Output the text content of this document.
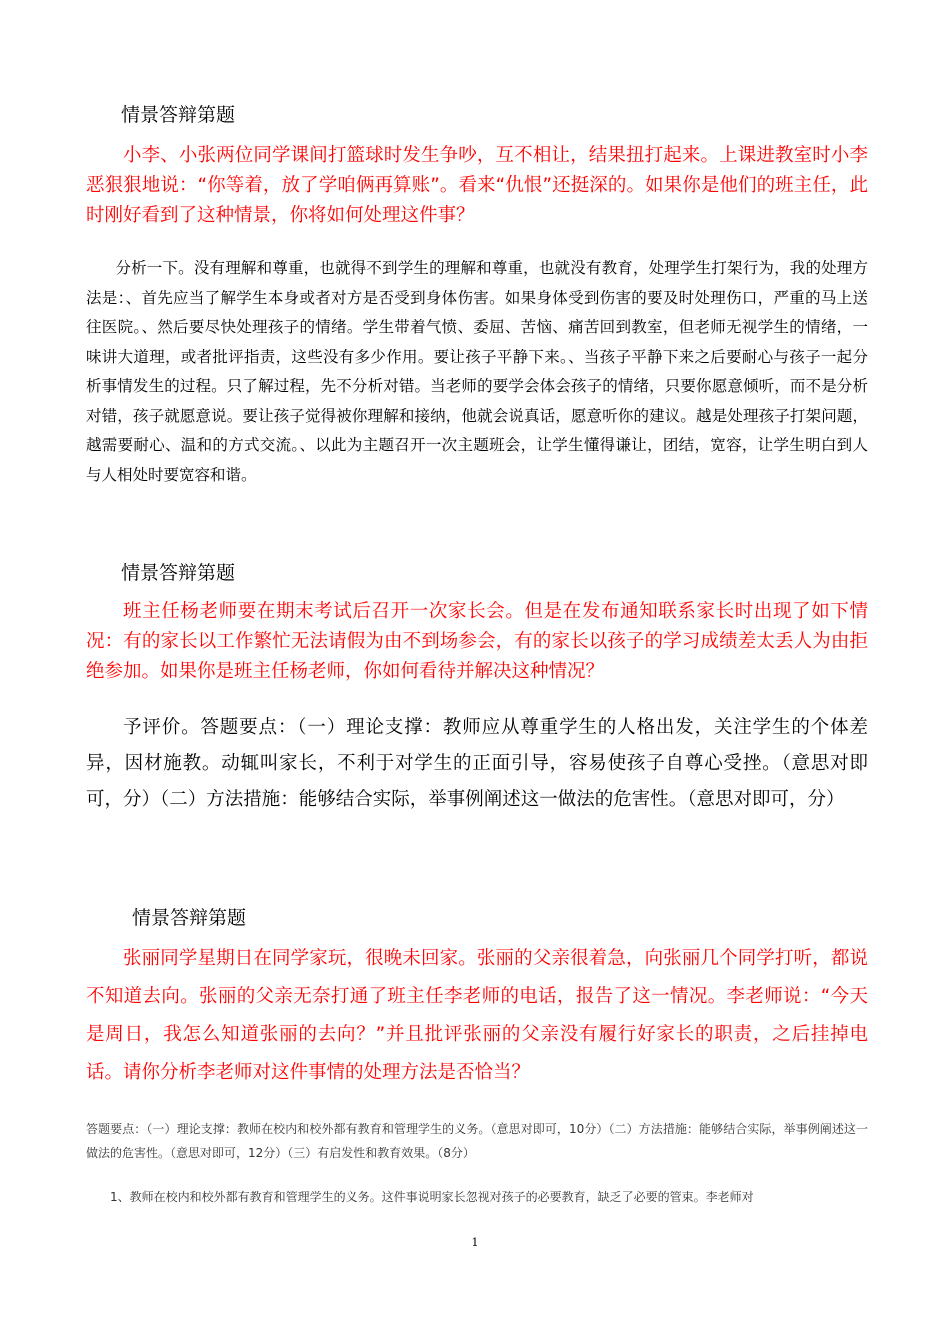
情景答辩第题
小李、小张两位同学课间打篮球时发生争吵，互不相让，结果扭打起来。上课进教室时小李恶狠狠地说：“你等着，放了学咱俩再算账”。看来“仇恨”还挺深的。如果你是他们的班主任，此时刚好看到了这种情景，你将如何处理这件事？
分析一下。没有理解和尊重，也就得不到学生的理解和尊重，也就没有教育，处理学生打架行为，我的处理方法是：、首先应当了解学生本身或者对方是否受到身体伤害。如果身体受到伤害的要及时处理伤口，严重的马上送往医院。、然后要尽快处理孩子的情绪。学生带着气愤、委屈、苦恼、痛苦回到教室，但老师无视学生的情绪，一味讲大道理，或者批评指责，这些没有多少作用。要让孩子平静下来。、当孩子平静下来之后要耐心与孩子一起分析事情发生的过程。只了解过程，先不分析对错。当老师的要学会体会孩子的情绪，只要你愿意倾听，而不是分析对错，孩子就愿意说。要让孩子觉得被你理解和接纳，他就会说真话，愿意听你的建议。越是处理孩子打架问题，越需要耐心、温和的方式交流。、以此为主题召开一次主题班会，让学生懂得谦让，团结，宽容，让学生明白到人与人相处时要宽容和谐。
情景答辩第题
班主任杨老师要在期末考试后召开一次家长会。但是在发布通知联系家长时出现了如下情况：有的家长以工作繁忙无法请假为由不到场参会，有的家长以孩子的学习成绩差太丢人为由拒绝参加。如果你是班主任杨老师，你如何看待并解决这种情况？
予评价。答题要点：（一）理论支撑：教师应从尊重学生的人格出发，关注学生的个体差异，因材施教。动辄叫家长，不利于对学生的正面引导，容易使孩子自尊心受挫。（意思对即可，分）（二）方法措施：能够结合实际，举事例阐述这一做法的危害性。（意思对即可，分）
情景答辩第题
张丽同学星期日在同学家玩，很晚未回家。张丽的父亲很着急，向张丽几个同学打听，都说不知道去向。张丽的父亲无奈打通了班主任李老师的电话，报告了这一情况。李老师说：“今天是周日，我怎么知道张丽的去向？”并且批评张丽的父亲没有履行好家长的职责，之后挂掉电话。请你分析李老师对这件事情的处理方法是否恰当？
答题要点：（一）理论支撑：教师在校内和校外都有教育和管理学生的义务。（意思对即可，10分）（二）方法措施：能够结合实际，举事例阐述这一做法的危害性。（意思对即可，12分）（三）有启发性和教育效果。（8分）
1、教师在校内和校外都有教育和管理学生的义务。这件事说明家长忽视对孩子的必要教育，缺乏了必要的管束。李老师对
1
